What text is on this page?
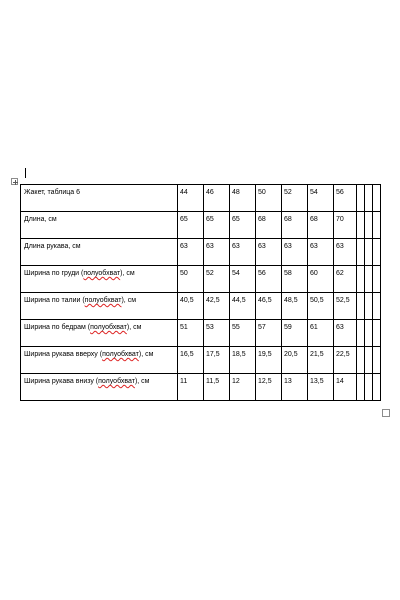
Жакет, таблица 6	44	46	48	50	52	54	56			

Длина, см	65	65	65	68	68	68	70			

Длина рукава, см	63	63	63	63	63	63	63			

Ширина по груди (полуобхват), см	50	52	54	56	58	60	62			

Ширина по талии (полуобхват), см	40,5	42,5	44,5	46,5	48,5	50,5	52,5			

Ширина по бедрам (полуобхват), см	51	53	55	57	59	61	63			

Ширина рукава вверху (полуобхват), см	16,5	17,5	18,5	19,5	20,5	21,5	22,5			

Ширина рукава внизу (полуобхват), см	11	11,5	12	12,5	13	13,5	14			
